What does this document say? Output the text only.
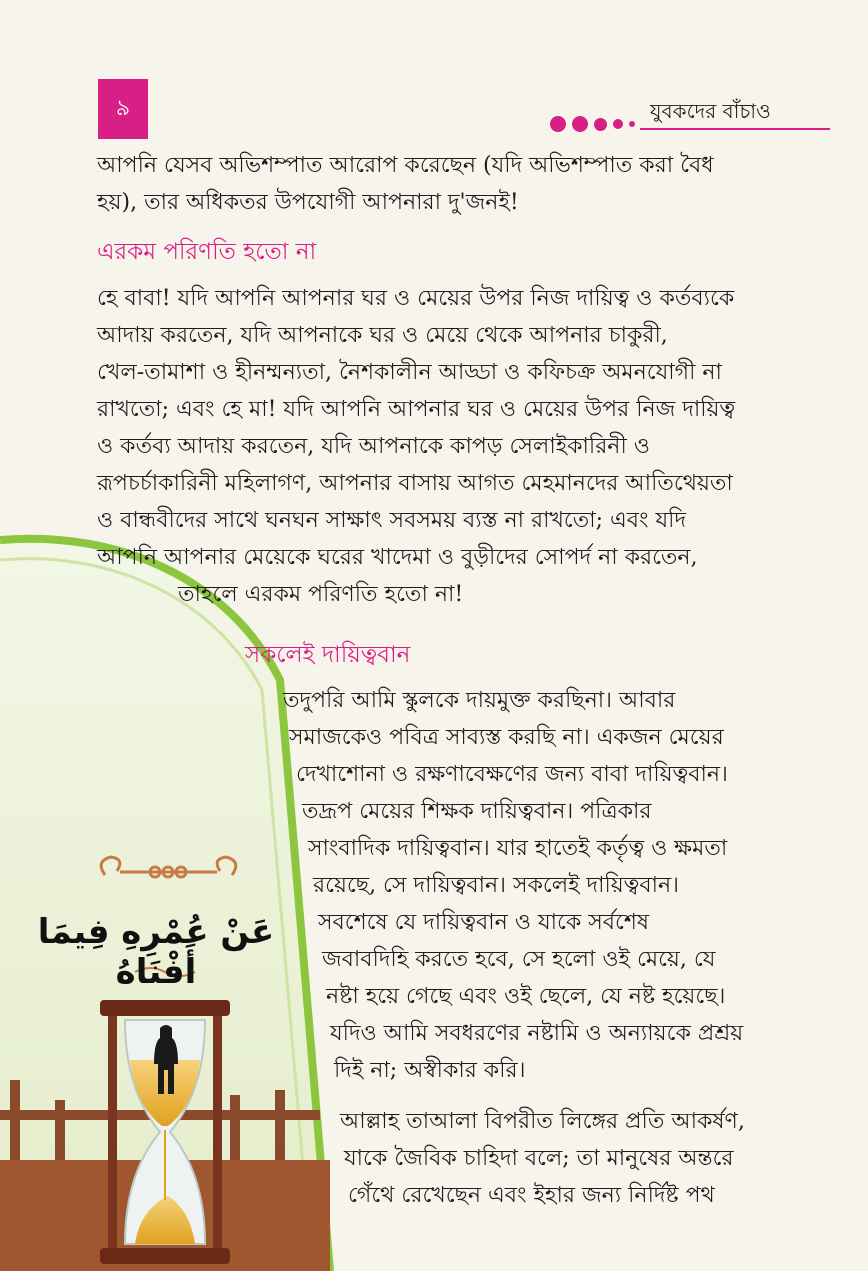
৯	যুবকদের বাঁচাও
আপনি যেসব অভিশম্পাত আরোপ করেছেন (যদি অভিশম্পাত করা বৈধ
হয়), তার অধিকতর উপযোগী আপনারা দু'জনই!
এরকম পরিণতি হতো না
হে বাবা! যদি আপনি আপনার ঘর ও মেয়ের উপর নিজ দায়িত্ব ও কর্তব্যকে
আদায় করতেন, যদি আপনাকে ঘর ও মেয়ে থেকে আপনার চাকুরী,
খেল-তামাশা ও হীনম্মন্যতা, নৈশকালীন আড্ডা ও কফিচক্র অমনযোগী না
রাখতো; এবং হে মা! যদি আপনি আপনার ঘর ও মেয়ের উপর নিজ দায়িত্ব
ও কর্তব্য আদায় করতেন, যদি আপনাকে কাপড় সেলাইকারিনী ও
রূপচর্চাকারিনী মহিলাগণ, আপনার বাসায় আগত মেহমানদের আতিথেয়তা
ও বান্ধবীদের সাথে ঘনঘন সাক্ষাৎ সবসময় ব্যস্ত না রাখতো; এবং যদি
আপনি আপনার মেয়েকে ঘরের খাদেমা ও বুড়ীদের সোপর্দ না করতেন,
তাহলে এরকম পরিণতি হতো না!
সকলেই দায়িত্ববান
তদুপরি আমি স্কুলকে দায়মুক্ত করছিনা। আবার
সমাজকেও পবিত্র সাব্যস্ত করছি না। একজন মেয়ের
দেখাশোনা ও রক্ষণাবেক্ষণের জন্য বাবা দায়িত্ববান।
তদ্রূপ মেয়ের শিক্ষক দায়িত্ববান। পত্রিকার
সাংবাদিক দায়িত্ববান। যার হাতেই কর্তৃত্ব ও ক্ষমতা
রয়েছে, সে দায়িত্ববান। সকলেই দায়িত্ববান।
সবশেষে যে দায়িত্ববান ও যাকে সর্বশেষ
জবাবদিহি করতে হবে, সে হলো ওই মেয়ে, যে
নষ্টা হয়ে গেছে এবং ওই ছেলে, যে নষ্ট হয়েছে।
যদিও আমি সবধরণের নষ্টামি ও অন্যায়কে প্রশ্রয়
দিই না; অস্বীকার করি।
আল্লাহ তাআলা বিপরীত লিঙ্গের প্রতি আকর্ষণ,
যাকে জৈবিক চাহিদা বলে; তা মানুষের অন্তরে
গেঁথে রেখেছেন এবং ইহার জন্য নির্দিষ্ট পথ
عَنْ عُمْرِهِ فِيمَا أَفْنَاهُ
